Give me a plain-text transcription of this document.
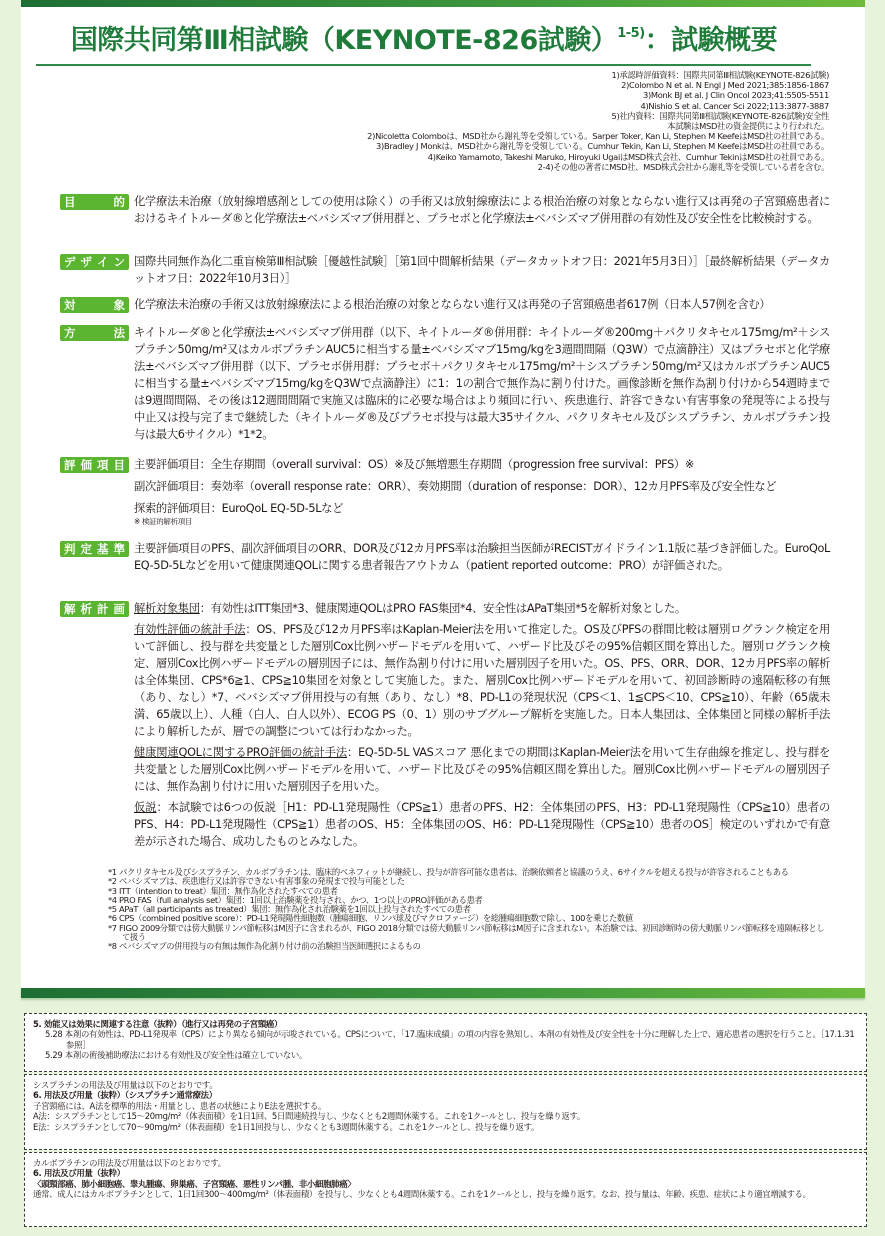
国際共同第Ⅲ相試験（KEYNOTE-826試験）$^{1-5)}$：試験概要
1)承認時評価資料：国際共同第Ⅲ相試験(KEYNOTE-826試験)
2)Colombo N et al. N Engl J Med 2021;385:1856-1867
3)Monk BJ et al. J Clin Oncol 2023;41:5505-5511
4)Nishio S et al. Cancer Sci 2022;113:3877-3887
5)社内資料：国際共同第Ⅲ相試験(KEYNOTE-826試験)安全性
本試験はMSD社の資金提供により行われた。
2)Nicoletta Colomboは、MSD社から謝礼等を受領している。Sarper Toker, Kan Li, Stephen M KeefeはMSD社の社員である。
3)Bradley J Monkは、MSD社から謝礼等を受領している。Cumhur Tekin, Kan Li, Stephen M KeefeはMSD社の社員である。
4)Keiko Yamamoto, Takeshi Maruko, Hiroyuki UgaiはMSD株式会社、Cumhur TekinはMSD社の社員である。
2-4)その他の著者にMSD社、MSD株式会社から謝礼等を受領している者を含む。
目	的 化学療法未治療（放射線増感剤としての使用は除く）の手術又は放射線療法による根治治療の対象とならない進行又は再発の子宮頸癌患者におけるキイトルーダ®と化学療法±ベバシズマブ併用群と、プラセボと化学療法±ベバシズマブ併用群の有効性及び安全性を比較検討する。
デ ザ イ ン 国際共同無作為化二重盲検第Ⅲ相試験［優越性試験］［第1回中間解析結果（データカットオフ日：2021年5月3日）］［最終解析結果（データカットオフ日：2022年10月3日）］
対	象 化学療法未治療の手術又は放射線療法による根治治療の対象とならない進行又は再発の子宮頸癌患者617例（日本人57例を含む）
方	法 キイトルーダ®と化学療法±ベバシズマブ併用群（以下、キイトルーダ®併用群：キイトルーダ®200mg＋パクリタキセル175mg/m²＋シスプラチン50mg/m²又はカルボプラチンAUC5に相当する量±ベバシズマブ15mg/kgを3週間間隔（Q3W）で点滴静注）又はプラセボと化学療法±ベバシズマブ併用群（以下、プラセボ併用群：プラセボ＋パクリタキセル175mg/m²＋シスプラチン50mg/m²又はカルボプラチンAUC5に相当する量±ベバシズマブ15mg/kgをQ3Wで点滴静注）に1：1の割合で無作為に割り付けた。画像診断を無作為割り付けから54週時までは9週間間隔、その後は12週間間隔で実施又は臨床的に必要な場合はより頻回に行い、疾患進行、許容できない有害事象の発現等による投与中止又は投与完了まで継続した（キイトルーダ®及びプラセボ投与は最大35サイクル、パクリタキセル及びシスプラチン、カルボプラチン投与は最大6サイクル）*1*2。
評 価 項 目 主要評価項目：全生存期間（overall survival：OS）※及び無増悪生存期間（progression free survival：PFS）※

副次評価項目：奏効率（overall response rate：ORR）、奏効期間（duration of response：DOR）、12カ月PFS率及び安全性など

探索的評価項目：EuroQoL EQ-5D-5Lなど

※ 検証的解析項目
判 定 基 準 主要評価項目のPFS、副次評価項目のORR、DOR及び12カ月PFS率は治験担当医師がRECISTガイドライン1.1版に基づき評価した。EuroQoL EQ-5D-5Lなどを用いて健康関連QOLに関する患者報告アウトカム（patient reported outcome：PRO）が評価された。
解 析 計 画 解析対象集団：有効性はITT集団*3、健康関連QOLはPRO FAS集団*4、安全性はAPaT集団*5を解析対象とした。

有効性評価の統計手法：OS、PFS及び12カ月PFS率はKaplan-Meier法を用いて推定した。OS及びPFSの群間比較は層別ログランク検定を用いて評価し、投与群を共変量とした層別Cox比例ハザードモデルを用いて、ハザード比及びその95%信頼区間を算出した。層別ログランク検定、層別Cox比例ハザードモデルの層別因子には、無作為割り付けに用いた層別因子を用いた。OS、PFS、ORR、DOR、12カ月PFS率の解析は全体集団、CPS*6≧1、CPS≧10集団を対象として実施した。また、層別Cox比例ハザードモデルを用いて、初回診断時の遠隔転移の有無（あり、なし）*7、ベバシズマブ併用投与の有無（あり、なし）*8、PD-L1の発現状況（CPS＜1、1≦CPS＜10、CPS≧10）、年齢（65歳未満、65歳以上）、人種（白人、白人以外）、ECOG PS（0、1）別のサブグループ解析を実施した。日本人集団は、全体集団と同様の解析手法により解析したが、層での調整については行わなかった。

健康関連QOLに関するPRO評価の統計手法：EQ-5D-5L VASスコア 悪化までの期間はKaplan-Meier法を用いて生存曲線を推定し、投与群を共変量とした層別Cox比例ハザードモデルを用いて、ハザード比及びその95%信頼区間を算出した。層別Cox比例ハザードモデルの層別因子には、無作為割り付けに用いた層別因子を用いた。

仮説：本試験では6つの仮説［H1：PD-L1発現陽性（CPS≧1）患者のPFS、H2：全体集団のPFS、H3：PD-L1発現陽性（CPS≧10）患者のPFS、H4：PD-L1発現陽性（CPS≧1）患者のOS、H5：全体集団のOS、H6：PD-L1発現陽性（CPS≧10）患者のOS］検定のいずれかで有意差が示された場合、成功したものとみなした。

*1 パクリタキセル及びシスプラチン、カルボプラチンは、臨床的ベネフィットが継続し、投与が許容可能な患者は、治験依頼者と協議のうえ、6サイクルを超える投与が許容されることもある
*2 ベバシズマブは、疾患進行又は許容できない有害事象の発現まで投与可能とした
*3 ITT（intention to treat）集団：無作為化されたすべての患者
*4 PRO FAS（full analysis set）集団：1回以上治験薬を投与され、かつ、1つ以上のPRO評価がある患者
*5 APaT（all participants as treated）集団：無作為化され治験薬を1回以上投与されたすべての患者
*6 CPS（combined positive score）：PD-L1発現陽性細胞数（腫瘍細胞、リンパ球及びマクロファージ）を総腫瘍細胞数で除し、100を乗じた数値
*7 FIGO 2009分類では傍大動脈リンパ節転移はM因子に含まれるが、FIGO 2018分類では傍大動脈リンパ節転移はM因子に含まれない。本治験では、初回診断時の傍大動脈リンパ節転移を遠隔転移として扱う
*8 ベバシズマブの併用投与の有無は無作為化割り付け前の治験担当医師選択によるもの
5. 効能又は効果に関連する注意（抜粋）（進行又は再発の子宮頸癌）
5.28 本剤の有効性は、PD-L1発現率（CPS）により異なる傾向が示唆されている。CPSについて、「17.臨床成績」の項の内容を熟知し、本剤の有効性及び安全性を十分に理解した上で、適応患者の選択を行うこと。［17.1.31参照］
5.29 本剤の術後補助療法における有効性及び安全性は確立していない。
シスプラチンの用法及び用量は以下のとおりです。
6. 用法及び用量（抜粋）（シスプラチン通常療法）
子宮頸癌には、A法を標準的用法・用量とし、患者の状態によりE法を選択する。
A法：シスプラチンとして15～20mg/m²（体表面積）を1日1回、5日間連続投与し、少なくとも2週間休薬する。これを1クールとし、投与を繰り返す。
E法：シスプラチンとして70～90mg/m²（体表面積）を1日1回投与し、少なくとも3週間休薬する。これを1クールとし、投与を繰り返す。
カルボプラチンの用法及び用量は以下のとおりです。
6. 用法及び用量（抜粋）
〈頭頸部癌、肺小細胞癌、睾丸腫瘍、卵巣癌、子宮頸癌、悪性リンパ腫、非小細胞肺癌〉
通常、成人にはカルボプラチンとして、1日1回300～400mg/m²（体表面積）を投与し、少なくとも4週間休薬する。これを1クールとし、投与を繰り返す。なお、投与量は、年齢、疾患、症状により適宜増減する。
